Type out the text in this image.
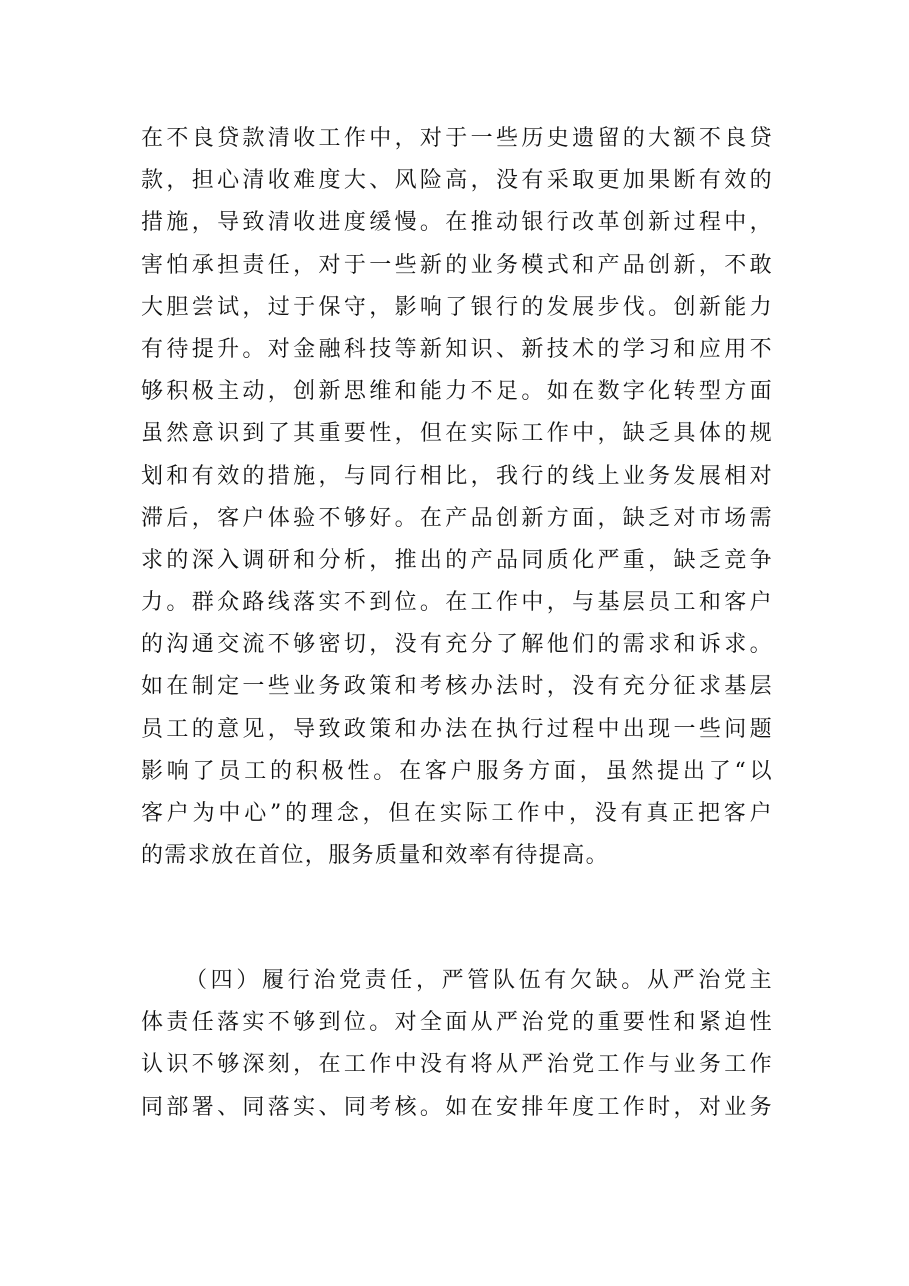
在不良贷款清收工作中，对于一些历史遗留的大额不良贷
款，担心清收难度大、风险高，没有采取更加果断有效的
措施，导致清收进度缓慢。在推动银行改革创新过程中，
害怕承担责任，对于一些新的业务模式和产品创新，不敢
大胆尝试，过于保守，影响了银行的发展步伐。创新能力
有待提升。对金融科技等新知识、新技术的学习和应用不
够积极主动，创新思维和能力不足。如在数字化转型方面
虽然意识到了其重要性，但在实际工作中，缺乏具体的规
划和有效的措施，与同行相比，我行的线上业务发展相对
滞后，客户体验不够好。在产品创新方面，缺乏对市场需
求的深入调研和分析，推出的产品同质化严重，缺乏竞争
力。群众路线落实不到位。在工作中，与基层员工和客户
的沟通交流不够密切，没有充分了解他们的需求和诉求。
如在制定一些业务政策和考核办法时，没有充分征求基层
员工的意见，导致政策和办法在执行过程中出现一些问题
影响了员工的积极性。在客户服务方面，虽然提出了“以
客户为中心”的理念，但在实际工作中，没有真正把客户
的需求放在首位，服务质量和效率有待提高。
（四）履行治党责任，严管队伍有欠缺。从严治党主
体责任落实不够到位。对全面从严治党的重要性和紧迫性
认识不够深刻，在工作中没有将从严治党工作与业务工作
同部署、同落实、同考核。如在安排年度工作时，对业务
